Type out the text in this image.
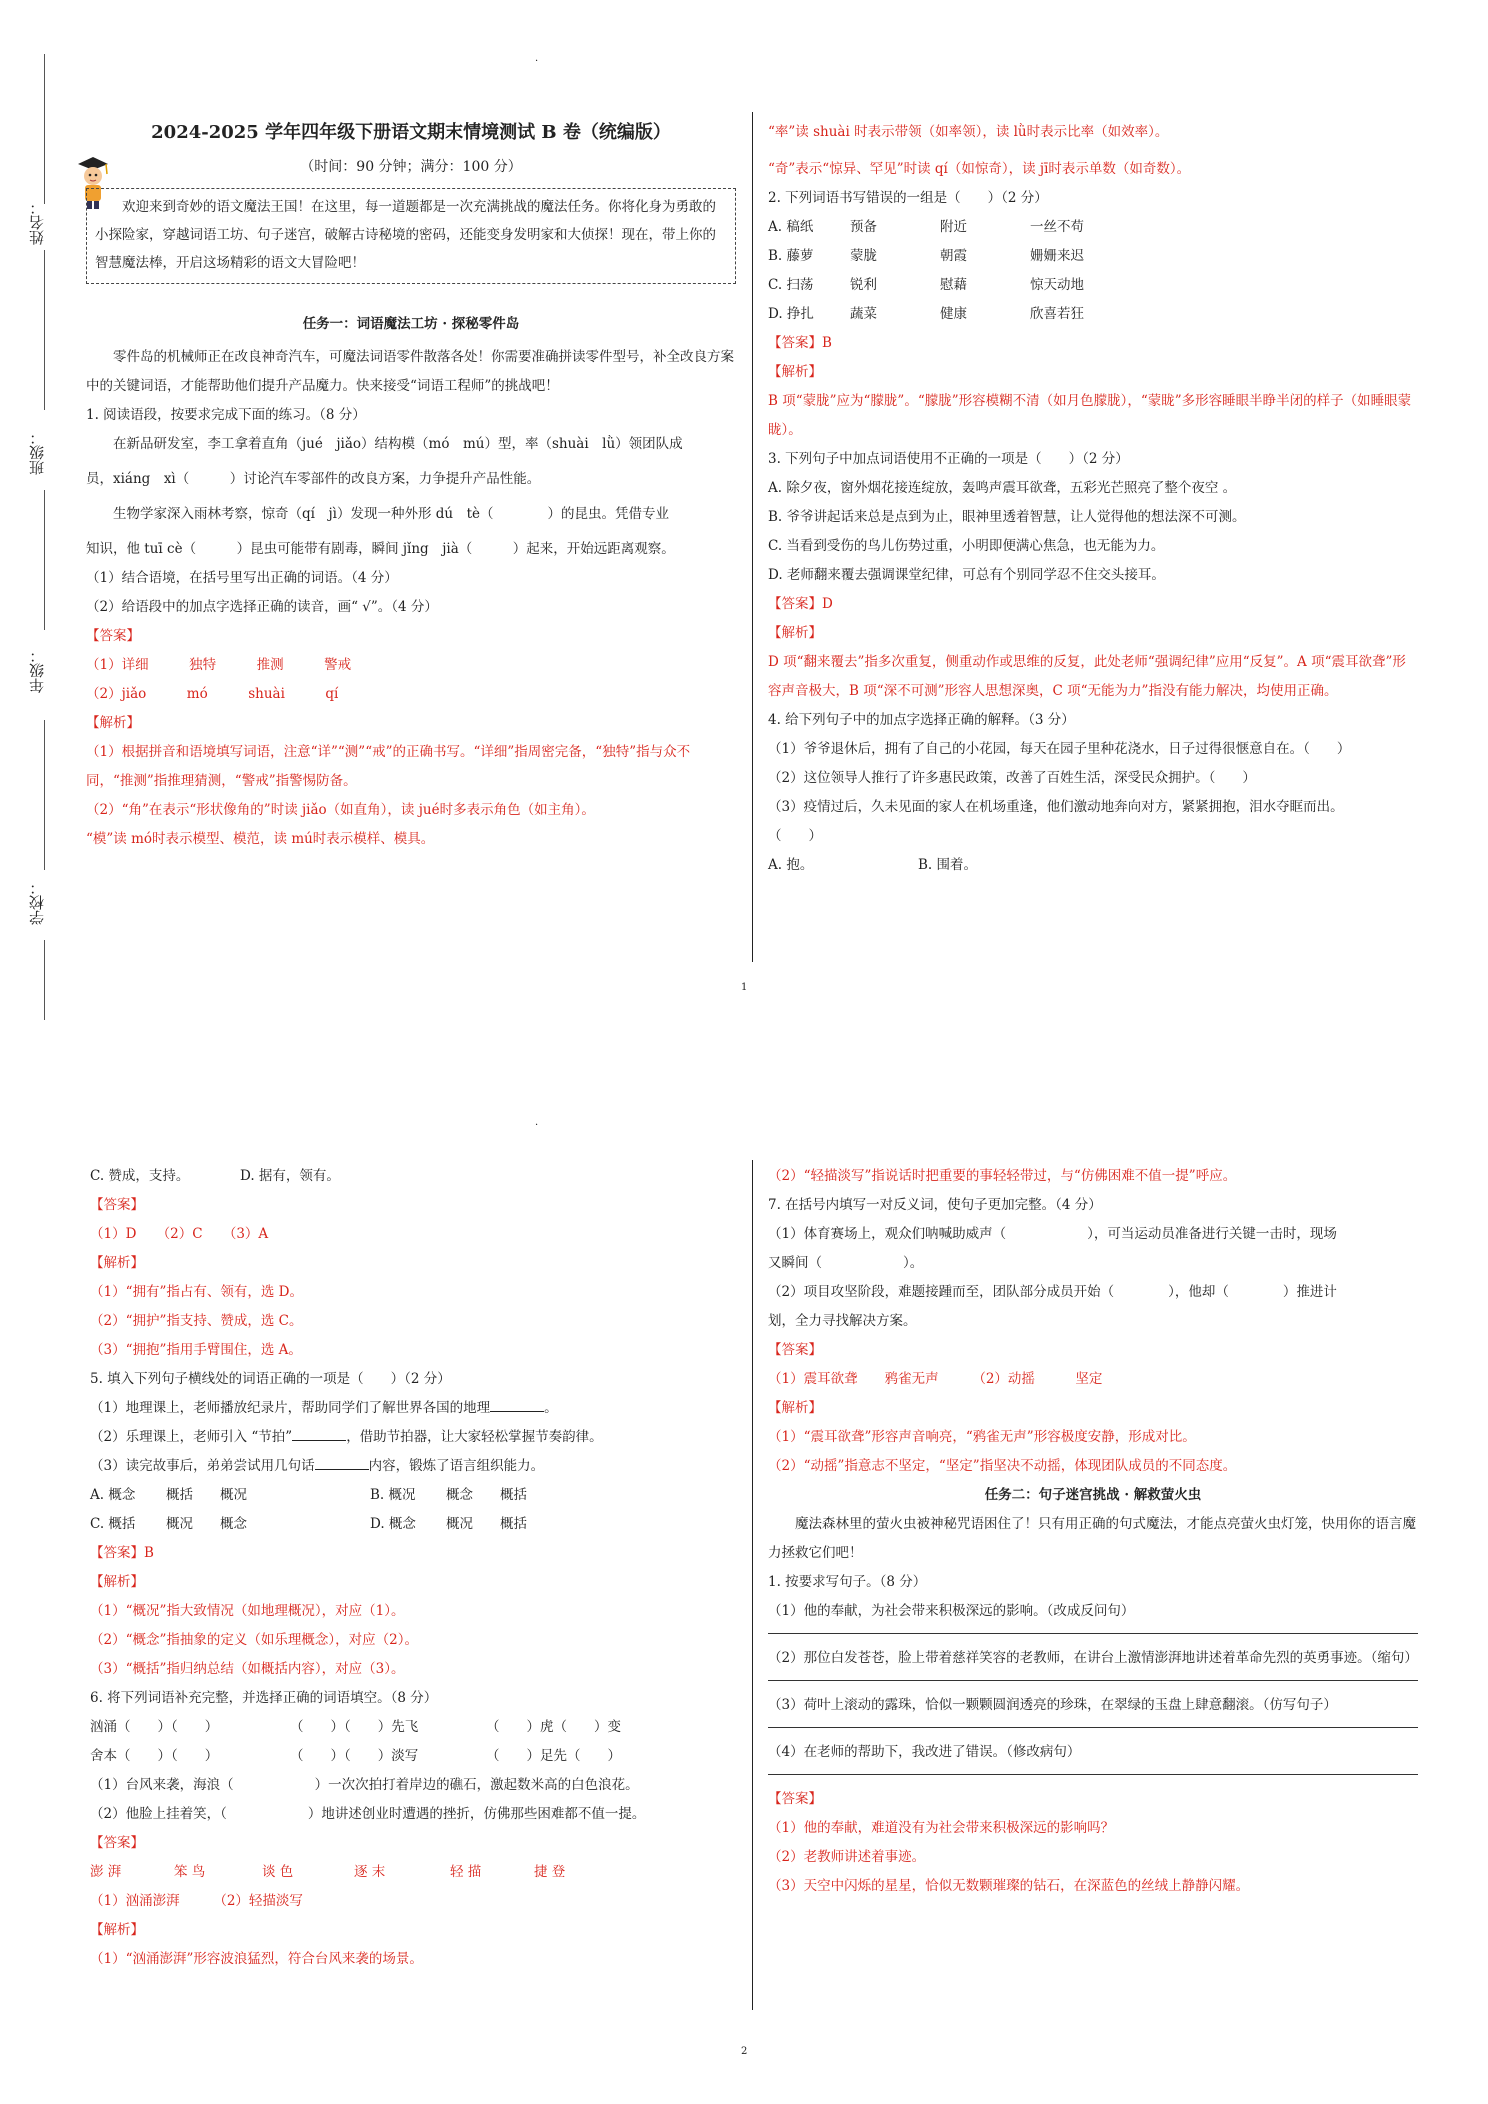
·
姓名：
班级：
年级：
学校：

2024-2025 学年四年级下册语文期末情境测试 B 卷（统编版）

（时间：90 分钟；满分：100 分）

欢迎来到奇妙的语文魔法王国！在这里，每一道题都是一次充满挑战的魔法任务。你将化身为勇敢的小探险家，穿越词语工坊、句子迷宫，破解古诗秘境的密码，还能变身发明家和大侦探！现在，带上你的智慧魔法棒，开启这场精彩的语文大冒险吧！

任务一：词语魔法工坊 · 探秘零件岛

零件岛的机械师正在改良神奇汽车，可魔法词语零件散落各处！你需要准确拼读零件型号，补全改良方案中的关键词语，才能帮助他们提升产品魔力。快来接受“词语工程师”的挑战吧！

1. 阅读语段，按要求完成下面的练习。（8 分）

在新品研发室，李工拿着直角（jué　jiǎo）结构模（mó　mú）型，率（shuài　lǜ）领团队成

员，xiáng　xì（　　　）讨论汽车零部件的改良方案，力争提升产品性能。

生物学家深入雨林考察，惊奇（qí　jì）发现一种外形 dú　tè（　　　　）的昆虫。凭借专业

知识，他 tuī cè（　　　）昆虫可能带有剧毒，瞬间 jǐng　jià（　　　）起来，开始远距离观察。

（1）结合语境，在括号里写出正确的词语。（4 分）

（2）给语段中的加点字选择正确的读音，画“ √”。（4 分）

【答案】

（1）详细　　　独特　　　推测　　　警戒

（2）jiǎo　　　mó　　　shuài　　　qí

【解析】

（1）根据拼音和语境填写词语，注意“详”“测”“戒”的正确书写。“详细”指周密完备，“独特”指与众不同，“推测”指推理猜测，“警戒”指警惕防备。

（2）“角”在表示“形状像角的”时读 jiǎo（如直角），读 jué时多表示角色（如主角）。

“模”读 mó时表示模型、模范，读 mú时表示模样、模具。

“率”读 shuài 时表示带领（如率领），读 lǜ时表示比率（如效率）。

“奇”表示“惊异、罕见”时读 qí（如惊奇），读 jī时表示单数（如奇数）。

2. 下列词语书写错误的一组是（　　）（2 分）

A. 稿纸	预备	附近	一丝不苟

B. 藤萝	蒙胧	朝霞	姗姗来迟

C. 扫荡	锐利	慰藉	惊天动地

D. 挣扎	蔬菜	健康	欣喜若狂

【答案】B

【解析】

B 项“蒙胧”应为“朦胧”。“朦胧”形容模糊不清（如月色朦胧），“蒙眬”多形容睡眼半睁半闭的样子（如睡眼蒙眬）。

3. 下列句子中加点词语使用不正确的一项是（　　）（2 分）

A. 除夕夜，窗外烟花接连绽放，轰鸣声震耳欲聋，五彩光芒照亮了整个夜空 。

B. 爷爷讲起话来总是点到为止，眼神里透着智慧，让人觉得他的想法深不可测。

C. 当看到受伤的鸟儿伤势过重，小明即便满心焦急，也无能为力。

D. 老师翻来覆去强调课堂纪律，可总有个别同学忍不住交头接耳。

【答案】D

【解析】

D 项“翻来覆去”指多次重复，侧重动作或思维的反复，此处老师“强调纪律”应用“反复”。A 项“震耳欲聋”形容声音极大，B 项“深不可测”形容人思想深奥，C 项“无能为力”指没有能力解决，均使用正确。

4. 给下列句子中的加点字选择正确的解释。（3 分）

（1）爷爷退休后，拥有了自己的小花园，每天在园子里种花浇水，日子过得很惬意自在。（　　）

（2）这位领导人推行了许多惠民政策，改善了百姓生活，深受民众拥护。（　　）

（3）疫情过后，久未见面的家人在机场重逢，他们激动地奔向对方，紧紧拥抱，泪水夺眶而出。

（　　）

A. 抱。	B. 围着。

1
·

C. 赞成，支持。	D. 据有，领有。

【答案】

（1）D　　（2）C　　（3）A

【解析】

（1）“拥有”指占有、领有，选 D。

（2）“拥护”指支持、赞成，选 C。

（3）“拥抱”指用手臂围住，选 A。

5. 填入下列句子横线处的词语正确的一项是（　　）（2 分）

（1）地理课上，老师播放纪录片，帮助同学们了解世界各国的地理	。

（2）乐理课上，老师引入 “节拍”	，借助节拍器，让大家轻松掌握节奏韵律。

（3）读完故事后，弟弟尝试用几句话	内容，锻炼了语言组织能力。

A. 概念 概括 概况	B. 概况 概念 概括

C. 概括 概况 概念	D. 概念 概况 概括

【答案】B

【解析】

（1）“概况”指大致情况（如地理概况），对应（1）。

（2）“概念”指抽象的定义（如乐理概念），对应（2）。

（3）“概括”指归纳总结（如概括内容），对应（3）。

6. 将下列词语补充完整，并选择正确的词语填空。（8 分）

汹涌（　　）（　　）	（　　）（　　）先飞	（　　）虎（　　）变

舍本（　　）（　　）	（　　）（　　）淡写	（　　）足先（　　）

（1）台风来袭，海浪（　　　　　　）一次次拍打着岸边的礁石，激起数米高的白色浪花。

（2）他脸上挂着笑，（　　　　　　）地讲述创业时遭遇的挫折，仿佛那些困难都不值一提。

【答案】

澎 湃	笨 鸟	谈 色	逐 末	轻 描	捷 登

（1）汹涌澎湃　　　（2）轻描淡写

【解析】

（1）“汹涌澎湃”形容波浪猛烈，符合台风来袭的场景。

（2）“轻描淡写”指说话时把重要的事轻轻带过，与“仿佛困难不值一提”呼应。

7. 在括号内填写一对反义词，使句子更加完整。（4 分）

（1）体育赛场上，观众们呐喊助威声（　　　　　　），可当运动员准备进行关键一击时，现场

又瞬间（　　　　　　）。

（2）项目攻坚阶段，难题接踵而至，团队部分成员开始（　　　　），他却（　　　　）推进计

划，全力寻找解决方案。

【答案】

（1）震耳欲聋　　鸦雀无声　　　（2）动摇　　　坚定

【解析】

（1）“震耳欲聋”形容声音响亮，“鸦雀无声”形容极度安静，形成对比。

（2）“动摇”指意志不坚定，“坚定”指坚决不动摇，体现团队成员的不同态度。

任务二：句子迷宫挑战 · 解救萤火虫

魔法森林里的萤火虫被神秘咒语困住了！只有用正确的句式魔法，才能点亮萤火虫灯笼，快用你的语言魔力拯救它们吧！

1. 按要求写句子。（8 分）

（1）他的奉献，为社会带来积极深远的影响。（改成反问句）

（2）那位白发苍苍，脸上带着慈祥笑容的老教师，在讲台上激情澎湃地讲述着革命先烈的英勇事迹。（缩句）

（3）荷叶上滚动的露珠，恰似一颗颗圆润透亮的珍珠，在翠绿的玉盘上肆意翻滚。（仿写句子）

（4）在老师的帮助下，我改进了错误。（修改病句）

【答案】

（1）他的奉献，难道没有为社会带来积极深远的影响吗？

（2）老教师讲述着事迹。

（3）天空中闪烁的星星，恰似无数颗璀璨的钻石，在深蓝色的丝绒上静静闪耀。

2
